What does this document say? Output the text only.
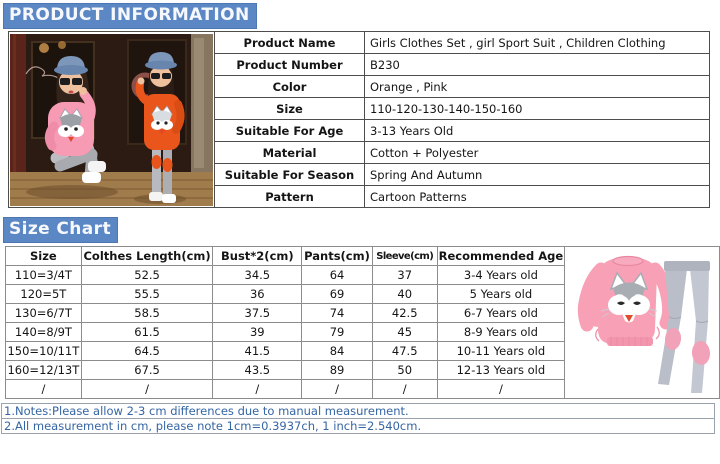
PRODUCT INFORMATION
	Product Name	Girls Clothes Set , girl Sport Suit , Children Clothing
	Product Number	B230
	Color	Orange , Pink
	Size	110-120-130-140-150-160
	Suitable For Age	3-13 Years Old
	Material	Cotton + Polyester
	Suitable For Season	Spring And Autumn
	Pattern	Cartoon Patterns
Size Chart
Size	Colthes Length(cm)	Bust*2(cm)	Pants(cm)	Sleeve(cm)	Recommended Age	

110=3/4T	52.5	34.5	64	37	3-4 Years old	
120=5T	55.5	36	69	40	5 Years old	
130=6/7T	58.5	37.5	74	42.5	6-7 Years old	
140=8/9T	61.5	39	79	45	8-9 Years old	
150=10/11T	64.5	41.5	84	47.5	10-11 Years old	
160=12/13T	67.5	43.5	89	50	12-13 Years old	
/	/	/	/	/	/	
1.Notes:Please allow 2-3 cm differences due to manual measurement.
2.All measurement in cm, please note 1cm=0.3937ch, 1 inch=2.540cm.
